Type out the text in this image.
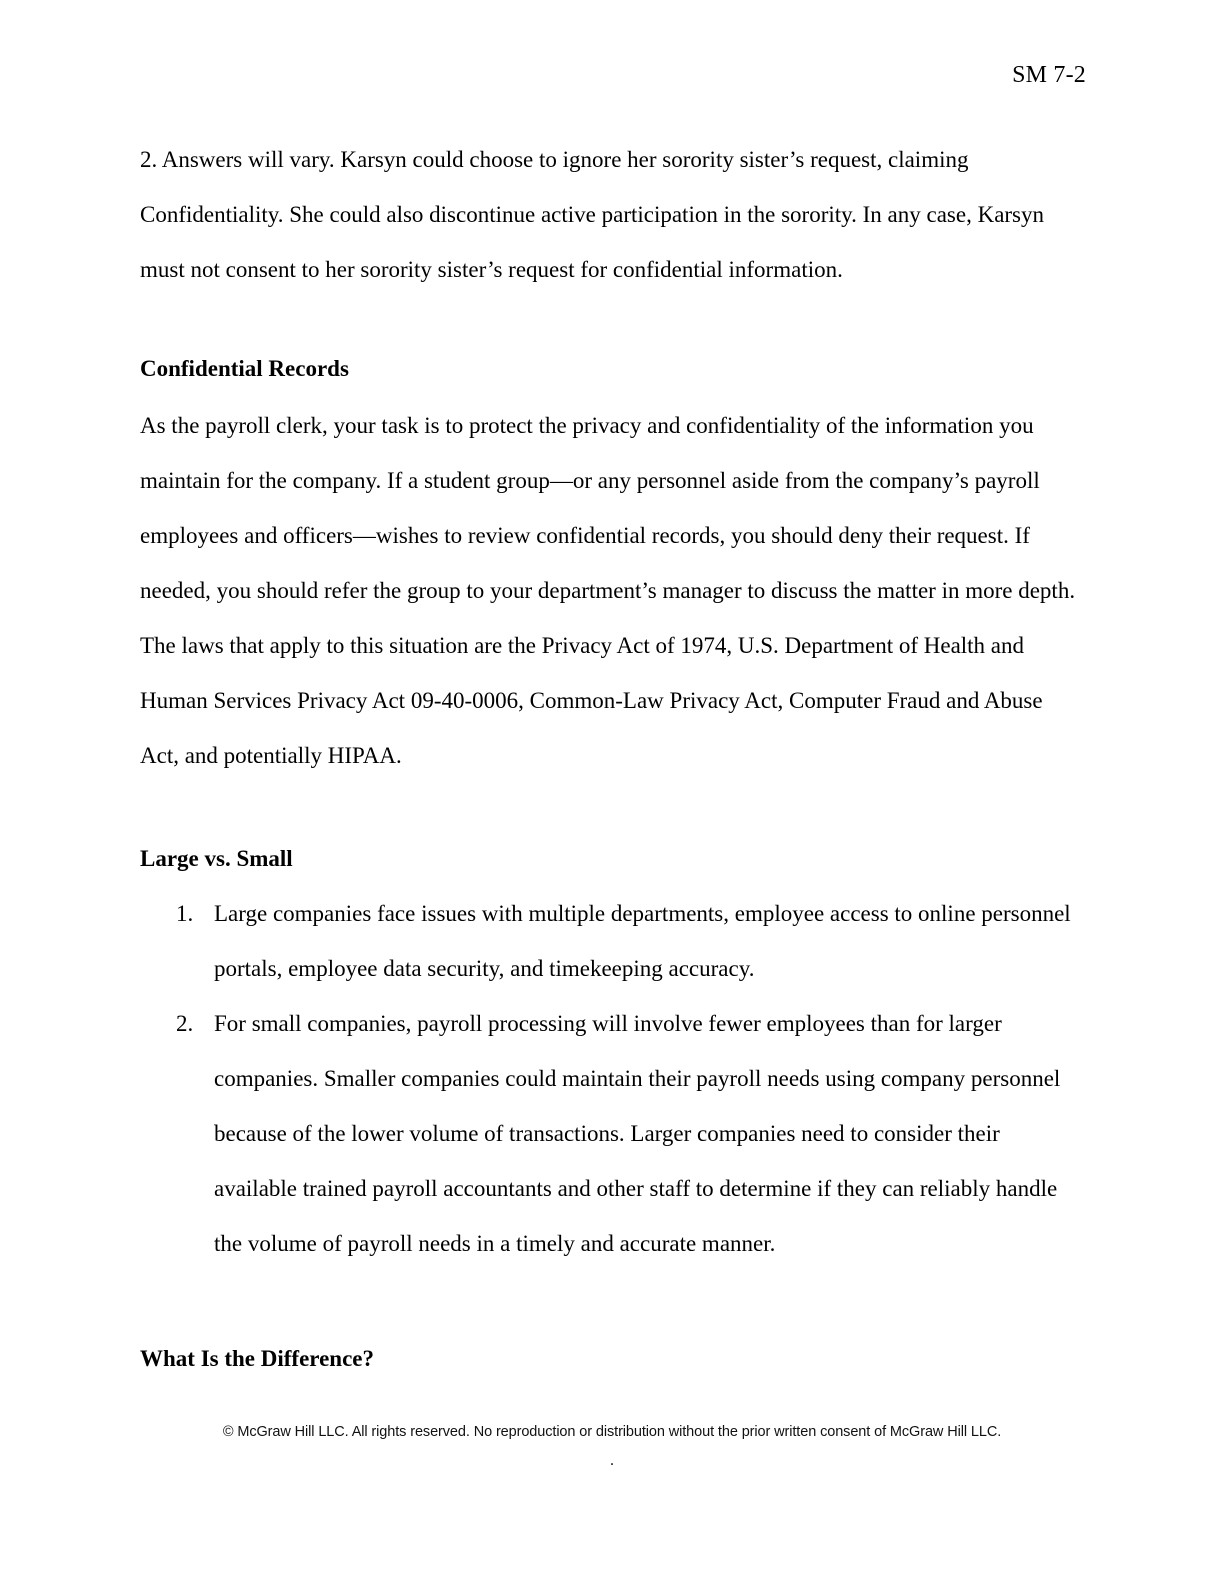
SM 7-2

2. Answers will vary. Karsyn could choose to ignore her sorority sister’s request, claiming Confidentiality. She could also discontinue active participation in the sorority. In any case, Karsyn must not consent to her sorority sister’s request for confidential information.

Confidential Records

As the payroll clerk, your task is to protect the privacy and confidentiality of the information you maintain for the company. If a student group—or any personnel aside from the company’s payroll employees and officers—wishes to review confidential records, you should deny their request. If needed, you should refer the group to your department’s manager to discuss the matter in more depth. The laws that apply to this situation are the Privacy Act of 1974, U.S. Department of Health and Human Services Privacy Act 09-40-0006, Common-Law Privacy Act, Computer Fraud and Abuse Act, and potentially HIPAA.

Large vs. Small
1. Large companies face issues with multiple departments, employee access to online personnel portals, employee data security, and timekeeping accuracy.
2. For small companies, payroll processing will involve fewer employees than for larger companies. Smaller companies could maintain their payroll needs using company personnel because of the lower volume of transactions. Larger companies need to consider their available trained payroll accountants and other staff to determine if they can reliably handle the volume of payroll needs in a timely and accurate manner.
What Is the Difference?
© McGraw Hill LLC. All rights reserved. No reproduction or distribution without the prior written consent of McGraw Hill LLC.
.
